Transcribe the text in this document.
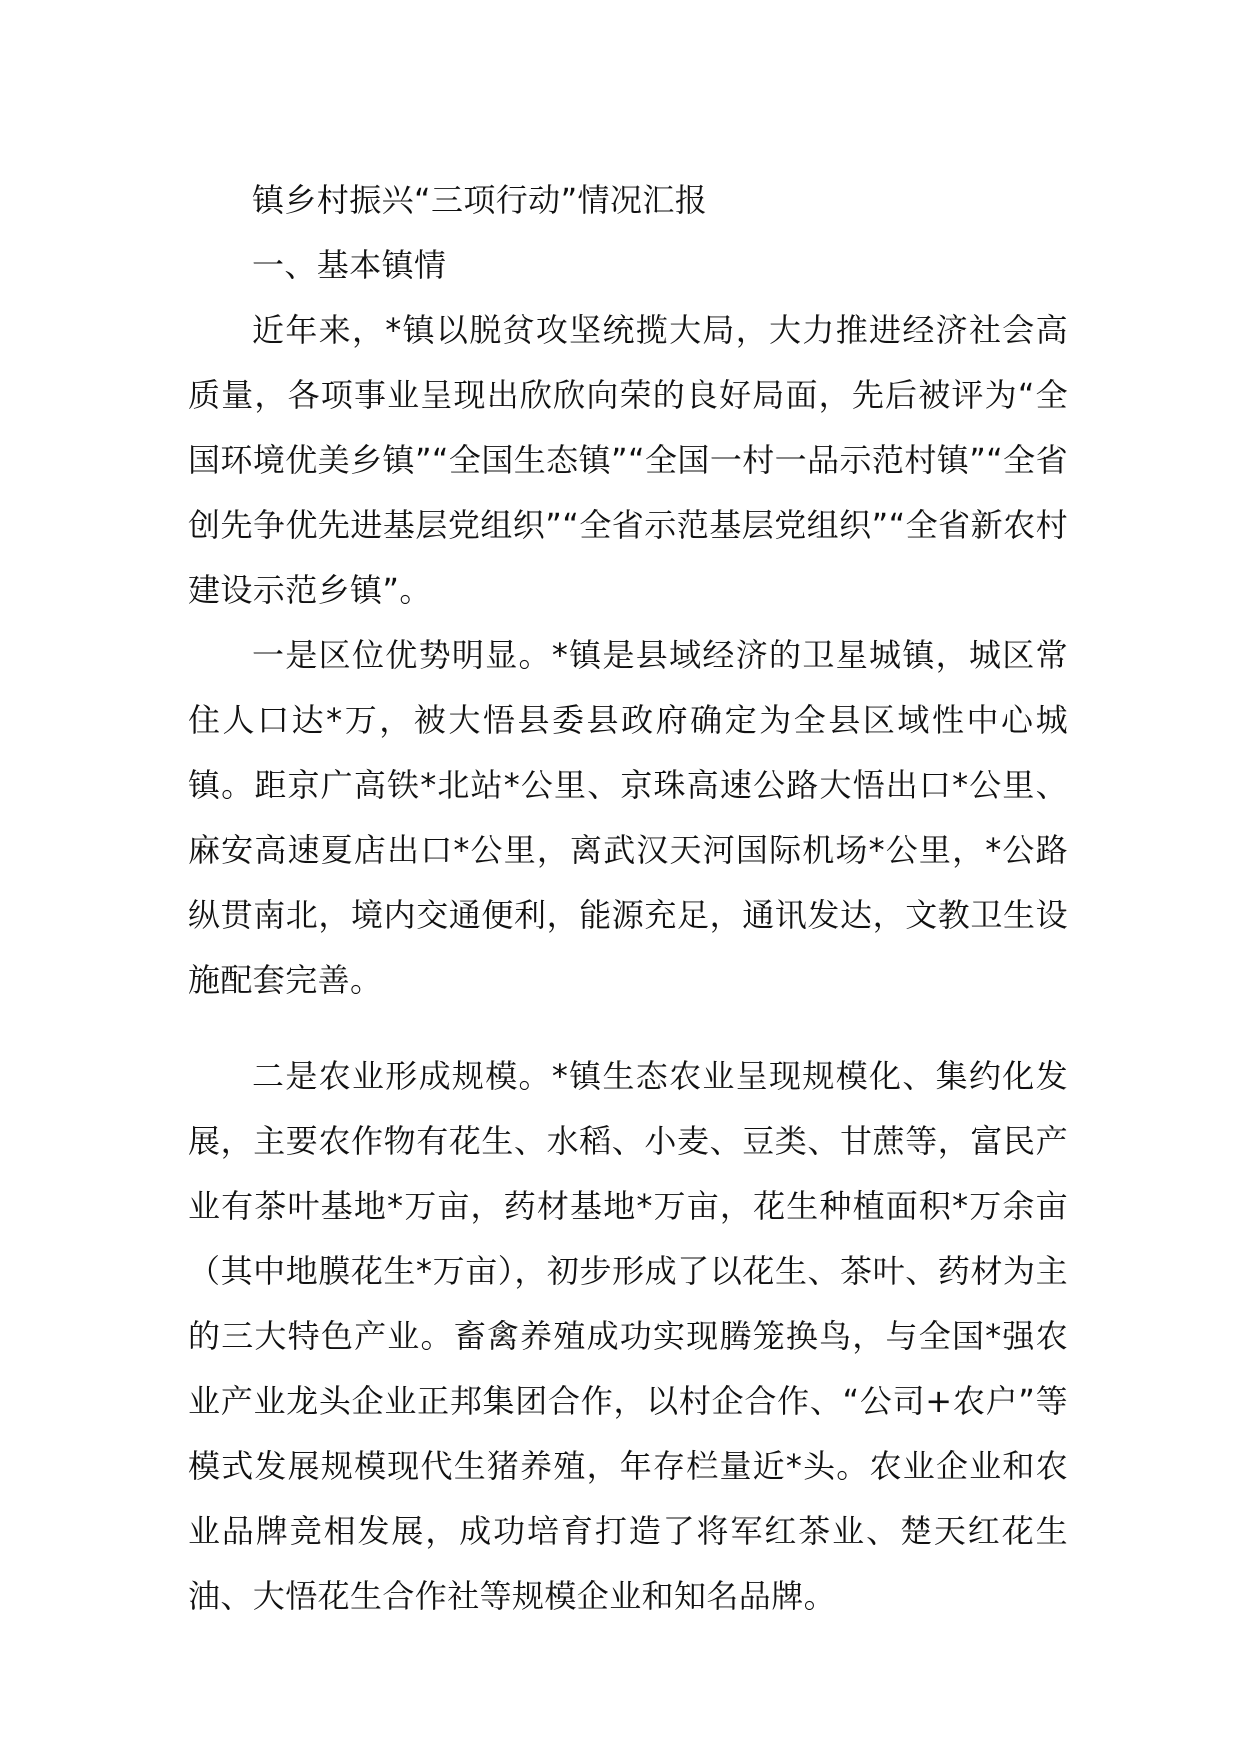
镇乡村振兴“三项行动”情况汇报

一、基本镇情

近年来，*镇以脱贫攻坚统揽大局，大力推进经济社会高质量，各项事业呈现出欣欣向荣的良好局面，先后被评为“全国环境优美乡镇”“全国生态镇”“全国一村一品示范村镇”“全省创先争优先进基层党组织”“全省示范基层党组织”“全省新农村建设示范乡镇”。

一是区位优势明显。*镇是县域经济的卫星城镇，城区常住人口达*万，被大悟县委县政府确定为全县区域性中心城镇。距京广高铁*北站*公里、京珠高速公路大悟出口*公里、麻安高速夏店出口*公里，离武汉天河国际机场*公里，*公路纵贯南北，境内交通便利，能源充足，通讯发达，文教卫生设施配套完善。

二是农业形成规模。*镇生态农业呈现规模化、集约化发展，主要农作物有花生、水稻、小麦、豆类、甘蔗等，富民产业有茶叶基地*万亩，药材基地*万亩，花生种植面积*万余亩（其中地膜花生*万亩），初步形成了以花生、茶叶、药材为主的三大特色产业。畜禽养殖成功实现腾笼换鸟，与全国*强农业产业龙头企业正邦集团合作，以村企合作、“公司+农户”等模式发展规模现代生猪养殖，年存栏量近*头。农业企业和农业品牌竞相发展，成功培育打造了将军红茶业、楚天红花生油、大悟花生合作社等规模企业和知名品牌。
